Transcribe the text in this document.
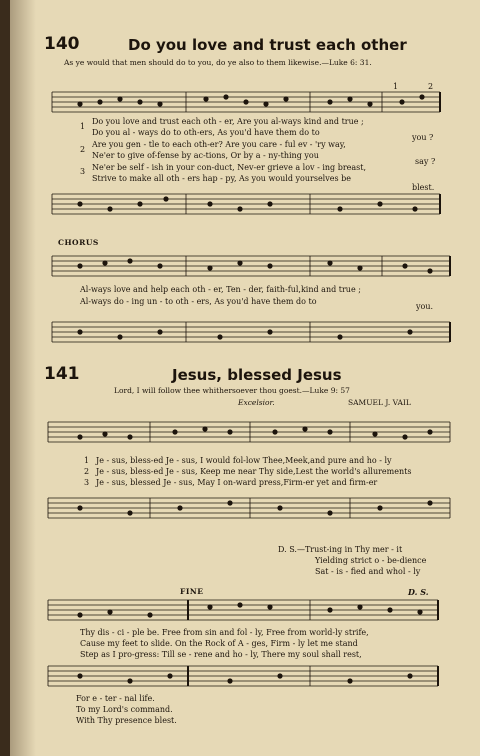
140	Do you love and trust each other

As ye would that men should do to you, do ye also to them likewise.—Luke 6: 31.

1

2

3

Do you love and trust each oth - er, Are you al-ways kind and true ;

Do you al - ways do to oth-ers, As you'd have them do to

Are you gen - tle to each oth-er? Are you care - ful ev - 'ry way,

Ne'er to give of-fense by ac-tions, Or by a - ny-thing you

Ne'er be self - ish in your con-duct, Nev-er grieve a lov - ing breast,

Strive to make all oth - ers hap - py, As you would yourselves be

you ?

say ?

blest.

1	2

CHORUS

Al-ways love and help each oth - er, Ten - der, faith-ful,kind and true ;

Al-ways do - ing un - to oth - ers, As you'd have them do to

you.

141	Jesus, blessed Jesus

Lord, I will follow thee whithersoever thou goest.—Luke 9: 57

Excelsior.	SAMUEL J. VAIL

1

2

3

Je - sus, bless-ed Je - sus, I would fol-low Thee,Meek,and pure and ho - ly

Je - sus, bless-ed Je - sus, Keep me near Thy side,Lest the world's allurements

Je - sus, blessed Je - sus, May I on-ward press,Firm-er yet and firm-er

D. S.—Trust-ing in Thy mer - it

Yielding strict o - be-dience

Sat - is - fied and whol - ly

FINE	D. S.

Thy dis - ci - ple be. Free from sin and fol - ly, Free from world-ly strife,

Cause my feet to slide. On the Rock of A - ges, Firm - ly let me stand

Step as I pro-gress: Till se - rene and ho - ly, There my soul shall rest,

For e - ter - nal life.

To my Lord's command.

With Thy presence blest.
